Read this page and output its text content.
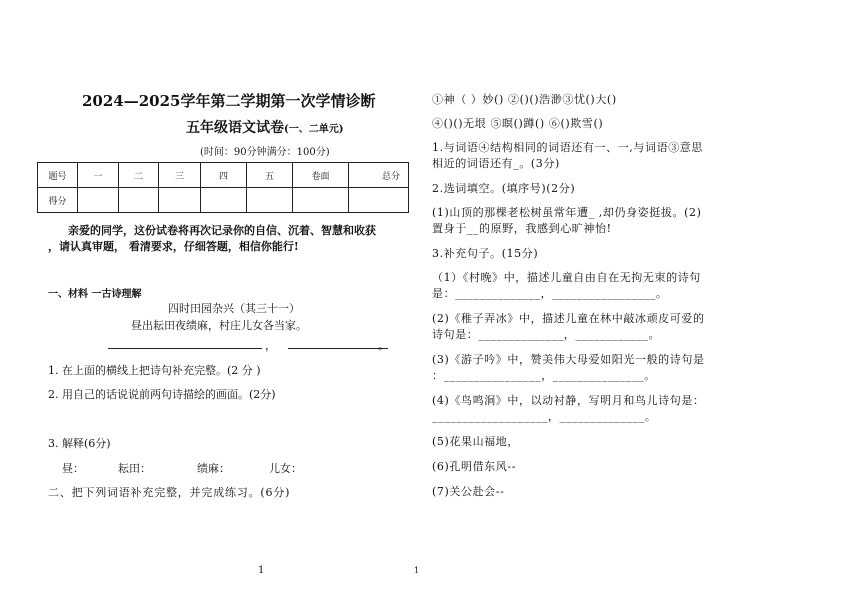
2024—2025学年第二学期第一次学情诊断
五年级语文试卷(一、二单元)
(时间：90分钟满分：100分)
题号	一	二	三	四	五	卷面	总分
得分							
亲爱的同学，这份试卷将再次记录你的自信、沉着、智慧和收获
，请认真审题， 看清要求，仔细答题，相信你能行!
一、材料 一古诗理解
四时田园杂兴（其三十一）
昼出耘田夜绩麻，村庄儿女各当家。
，	。
1. 在上面的横线上把诗句补充完整。(2 分 )
2. 用自己的话说说前两句诗描绘的画面。(2分)
3. 解释(6分)
昼：	耘田：	绩麻：	儿女：
二、把下列词语补充完整，并完成练习。(6分)
1
①神（ ）妙() ②()()浩渺③忧()大()
④()()无垠 ⑤暝()蹲() ⑥()欺雪()
1.与词语④结构相同的词语还有一、一,与词语③意思
相近的词语还有_。(3分)
2.选词填空。(填序号)(2分)
(1)山顶的那棵老松树虽常年遭_ ,却仍身姿挺拔。(2)
置身于__的原野，我感到心旷神怡!
3.补充句子。(15分)
（1）《村晚》中，描述儿童自由自在无拘无束的诗句
是：______________，_________________。
(2)《稚子弄冰》中，描述儿童在林中敲冰顽皮可爱的
诗句是：______________，____________。
(3)《游子吟》中，赞美伟大母爱如阳光一般的诗句是
：________________，_______________。
(4)《鸟鸣涧》中，以动衬静，写明月和鸟儿诗句是：
___________________，______________。
(5)花果山福地，
(6)孔明借东风--
(7)关公赴会--
1
